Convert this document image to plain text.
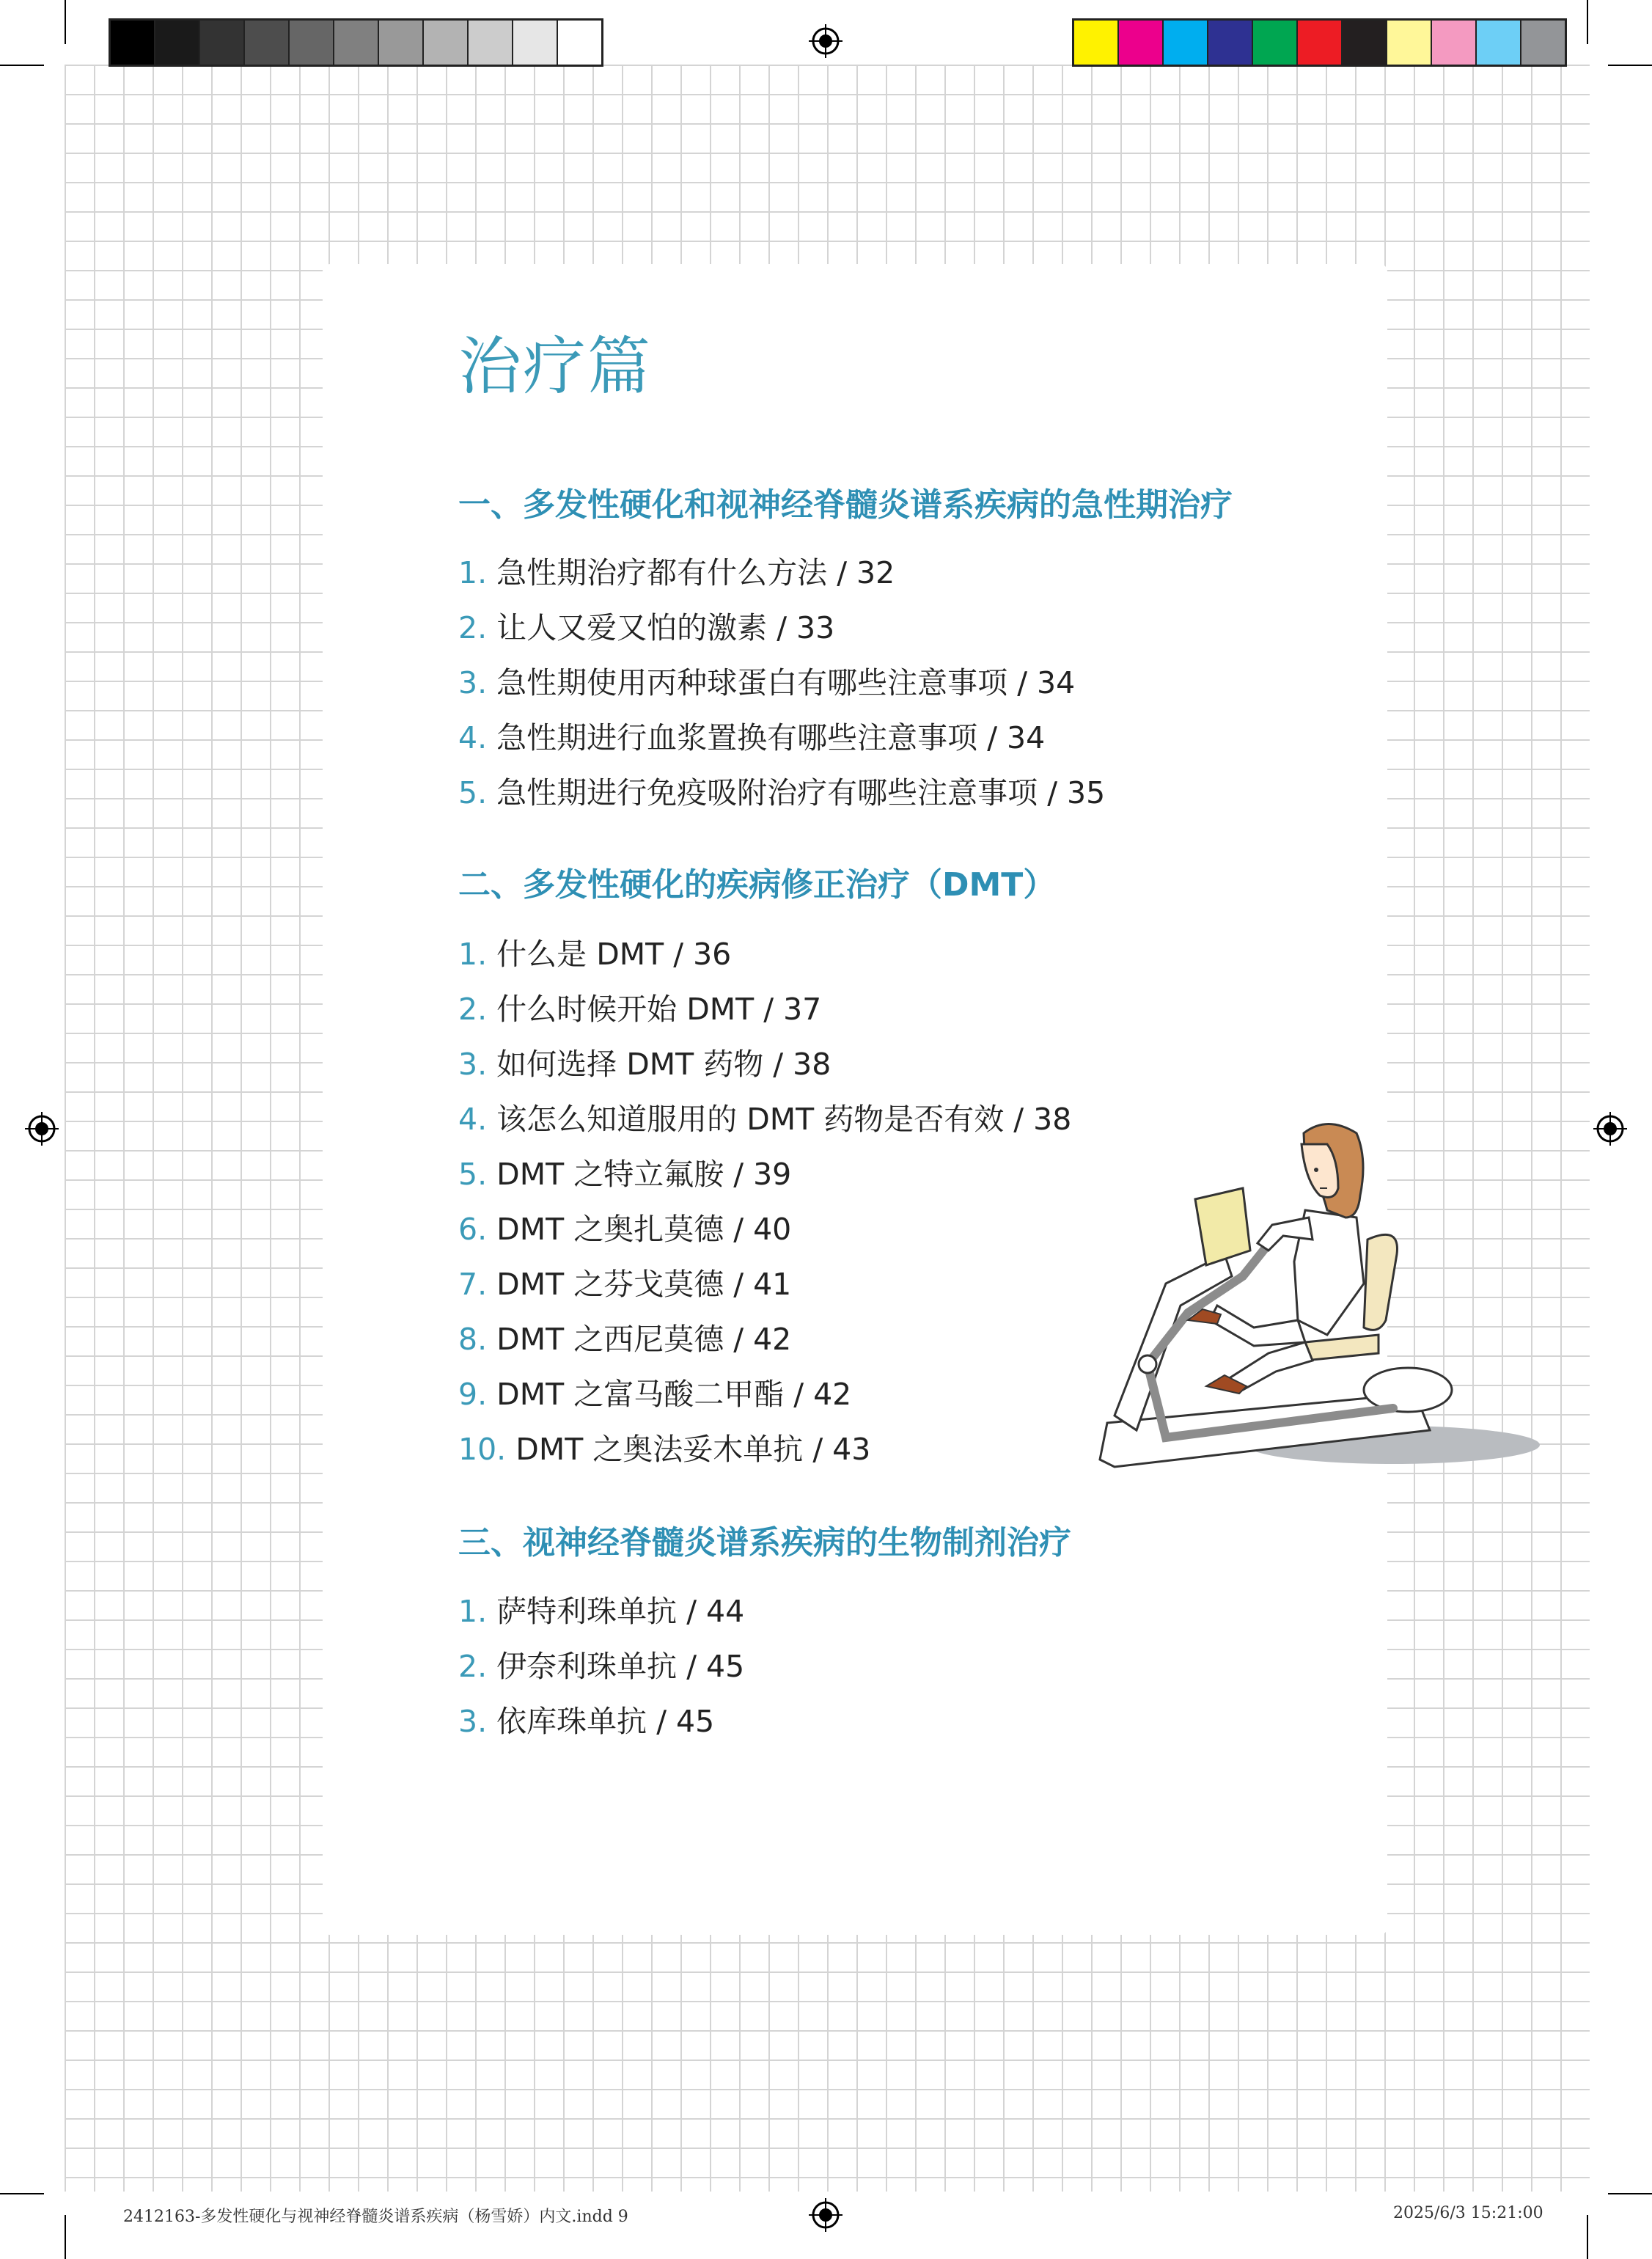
治疗篇
一、多发性硬化和视神经脊髓炎谱系疾病的急性期治疗
1. 急性期治疗都有什么方法 / 32
2. 让人又爱又怕的激素 / 33
3. 急性期使用丙种球蛋白有哪些注意事项 / 34
4. 急性期进行血浆置换有哪些注意事项 / 34
5. 急性期进行免疫吸附治疗有哪些注意事项 / 35
二、多发性硬化的疾病修正治疗（DMT）
1. 什么是 DMT / 36
2. 什么时候开始 DMT / 37
3. 如何选择 DMT 药物 / 38
4. 该怎么知道服用的 DMT 药物是否有效 / 38
5. DMT 之特立氟胺 / 39
6. DMT 之奥扎莫德 / 40
7. DMT 之芬戈莫德 / 41
8. DMT 之西尼莫德 / 42
9. DMT 之富马酸二甲酯 / 42
10. DMT 之奥法妥木单抗 / 43
三、视神经脊髓炎谱系疾病的生物制剂治疗
1. 萨特利珠单抗 / 44
2. 伊奈利珠单抗 / 45
3. 依库珠单抗 / 45
2412163-多发性硬化与视神经脊髓炎谱系疾病（杨雪娇）内文.indd 9	2025/6/3 15:21:00
